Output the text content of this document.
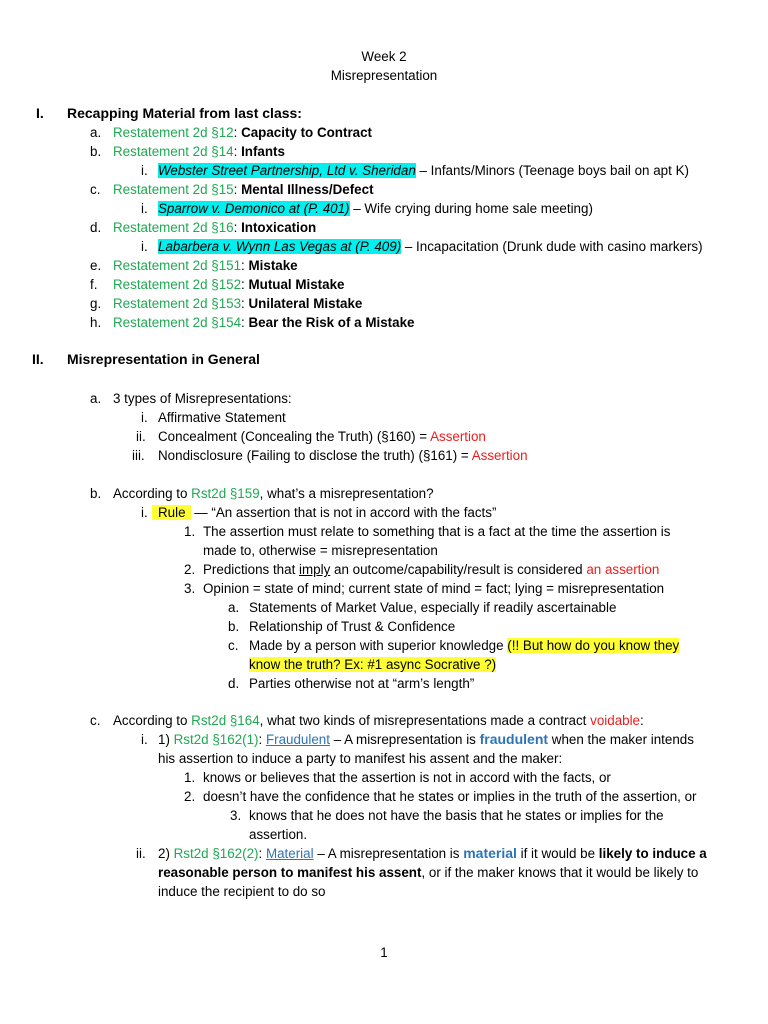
Week 2
Misrepresentation
I. Recapping Material from last class:
a. Restatement 2d §12: Capacity to Contract
b. Restatement 2d §14: Infants
i. Webster Street Partnership, Ltd v. Sheridan – Infants/Minors (Teenage boys bail on apt K)
c. Restatement 2d §15: Mental Illness/Defect
i. Sparrow v. Demonico at (P. 401) – Wife crying during home sale meeting)
d. Restatement 2d §16: Intoxication
i. Labarbera v. Wynn Las Vegas at (P. 409) – Incapacitation (Drunk dude with casino markers)
e. Restatement 2d §151: Mistake
f. Restatement 2d §152: Mutual Mistake
g. Restatement 2d §153: Unilateral Mistake
h. Restatement 2d §154: Bear the Risk of a Mistake
II. Misrepresentation in General
a. 3 types of Misrepresentations:
i. Affirmative Statement
ii. Concealment (Concealing the Truth) (§160) = Assertion
iii. Nondisclosure (Failing to disclose the truth) (§161) = Assertion
b. According to Rst2d §159, what’s a misrepresentation?
i. Rule — “An assertion that is not in accord with the facts”
1. The assertion must relate to something that is a fact at the time the assertion is
made to, otherwise = misrepresentation
2. Predictions that imply an outcome/capability/result is considered an assertion
3. Opinion = state of mind; current state of mind = fact; lying = misrepresentation
a. Statements of Market Value, especially if readily ascertainable
b. Relationship of Trust & Confidence
c. Made by a person with superior knowledge (!! But how do you know they
know the truth? Ex: #1 async Socrative ?)
d. Parties otherwise not at “arm’s length”
c. According to Rst2d §164, what two kinds of misrepresentations made a contract voidable:
i. 1) Rst2d §162(1): Fraudulent – A misrepresentation is fraudulent when the maker intends
his assertion to induce a party to manifest his assent and the maker:
1. knows or believes that the assertion is not in accord with the facts, or
2. doesn’t have the confidence that he states or implies in the truth of the assertion, or
3. knows that he does not have the basis that he states or implies for the
assertion.
ii. 2) Rst2d §162(2): Material – A misrepresentation is material if it would be likely to induce a
reasonable person to manifest his assent, or if the maker knows that it would be likely to
induce the recipient to do so
1
